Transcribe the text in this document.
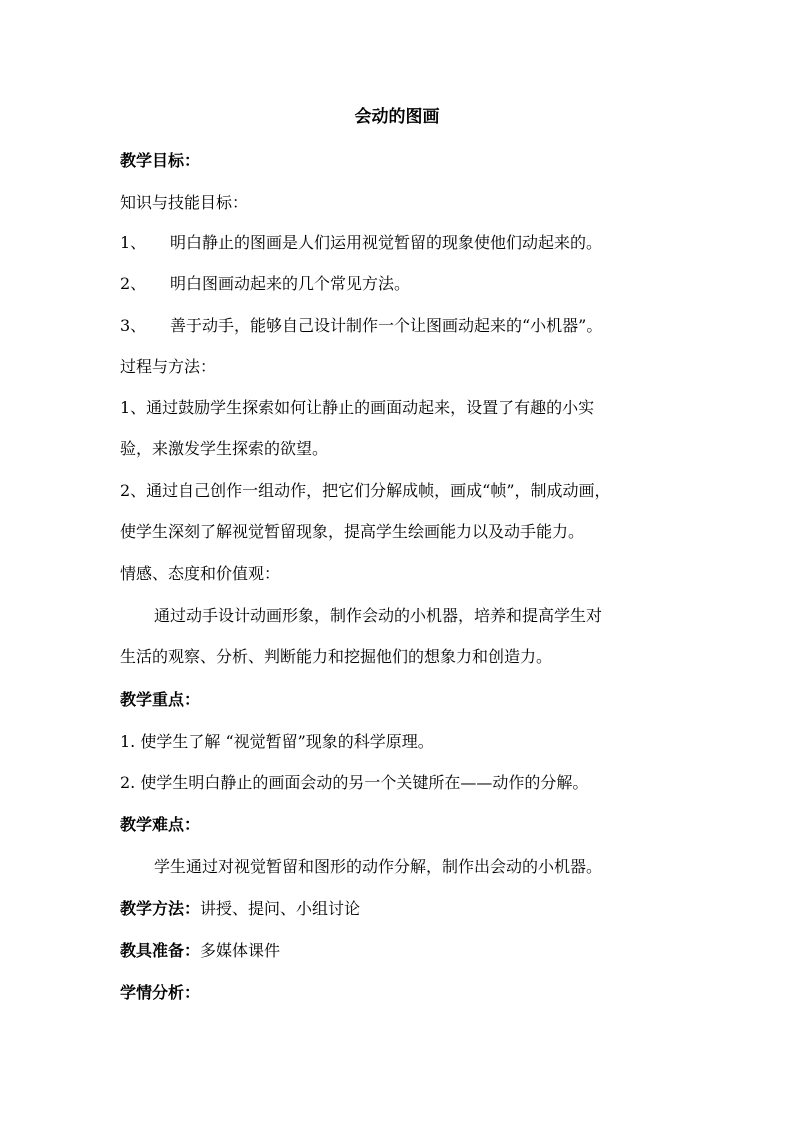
会动的图画
教学目标：
知识与技能目标：
1、 明白静止的图画是人们运用视觉暂留的现象使他们动起来的。
2、 明白图画动起来的几个常见方法。
3、 善于动手，能够自己设计制作一个让图画动起来的“小机器”。
过程与方法：
1、通过鼓励学生探索如何让静止的画面动起来，设置了有趣的小实
验，来激发学生探索的欲望。
2、通过自己创作一组动作，把它们分解成帧，画成“帧”，制成动画，
使学生深刻了解视觉暂留现象，提高学生绘画能力以及动手能力。
情感、态度和价值观：
通过动手设计动画形象，制作会动的小机器，培养和提高学生对
生活的观察、分析、判断能力和挖掘他们的想象力和创造力。
教学重点：
1. 使学生了解 “视觉暂留”现象的科学原理。
2. 使学生明白静止的画面会动的另一个关键所在——动作的分解。
教学难点：
学生通过对视觉暂留和图形的动作分解，制作出会动的小机器。
教学方法：讲授、提问、小组讨论
教具准备：多媒体课件
学情分析：
